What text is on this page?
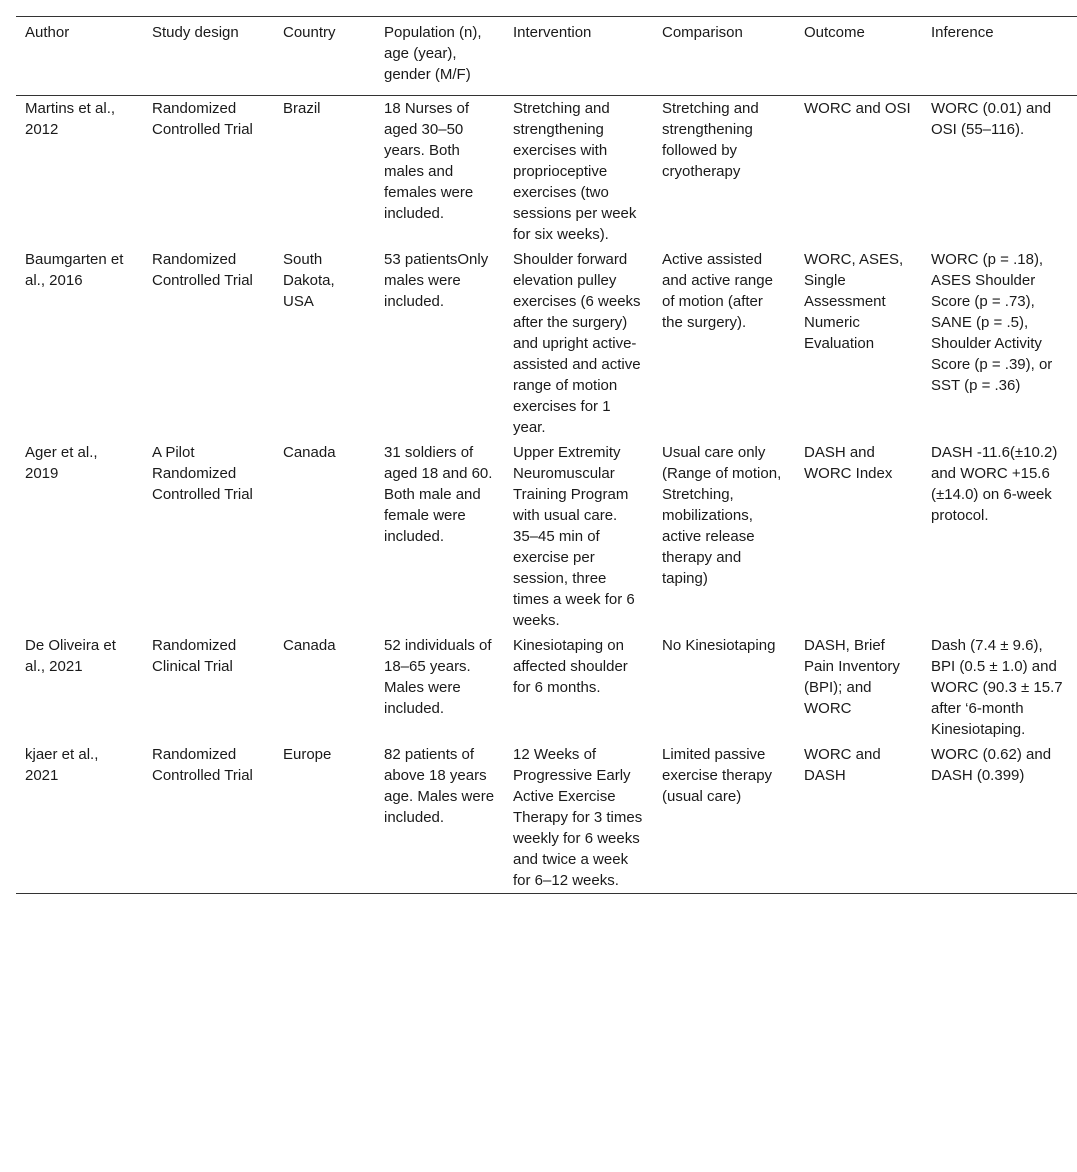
Author	Study design	Country	Population (n), age (year), gender (M/F)	Intervention	Comparison	Outcome	Inference
Martins et al., 2012	Randomized Controlled Trial	Brazil	18 Nurses of aged 30–50 years. Both males and females were included.	Stretching and strengthening exercises with proprioceptive exercises (two sessions per week for six weeks).	Stretching and strengthening followed by cryotherapy	WORC and OSI	WORC (0.01) and OSI (55–116).
Baumgarten et al., 2016	Randomized Controlled Trial	South Dakota, USA	53 patientsOnly males were included.	Shoulder forward elevation pulley exercises (6 weeks after the surgery) and upright active-assisted and active range of motion exercises for 1 year.	Active assisted and active range of motion (after the surgery).	WORC, ASES, Single Assessment Numeric Evaluation	WORC (p = .18), ASES Shoulder Score (p = .73), SANE (p = .5), Shoulder Activity Score (p = .39), or SST (p = .36)
Ager et al., 2019	A Pilot Randomized Controlled Trial	Canada	31 soldiers of aged 18 and 60. Both male and female were included.	Upper Extremity Neuromuscular Training Program with usual care. 35–45 min of exercise per session, three times a week for 6 weeks.	Usual care only (Range of motion, Stretching, mobilizations, active release therapy and taping)	DASH and WORC Index	DASH -11.6(±10.2) and WORC +15.6 (±14.0) on 6-week protocol.
De Oliveira et al., 2021	Randomized Clinical Trial	Canada	52 individuals of 18–65 years. Males were included.	Kinesiotaping on affected shoulder for 6 months.	No Kinesiotaping	DASH, Brief Pain Inventory (BPI); and WORC	Dash (7.4 ± 9.6), BPI (0.5 ± 1.0) and WORC (90.3 ± 15.7 after ‘6-month Kinesiotaping.
kjaer et al., 2021	Randomized Controlled Trial	Europe	82 patients of above 18 years age. Males were included.	12 Weeks of Progressive Early Active Exercise Therapy for 3 times weekly for 6 weeks and twice a week for 6–12 weeks.	Limited passive exercise therapy (usual care)	WORC and DASH	WORC (0.62) and DASH (0.399)
